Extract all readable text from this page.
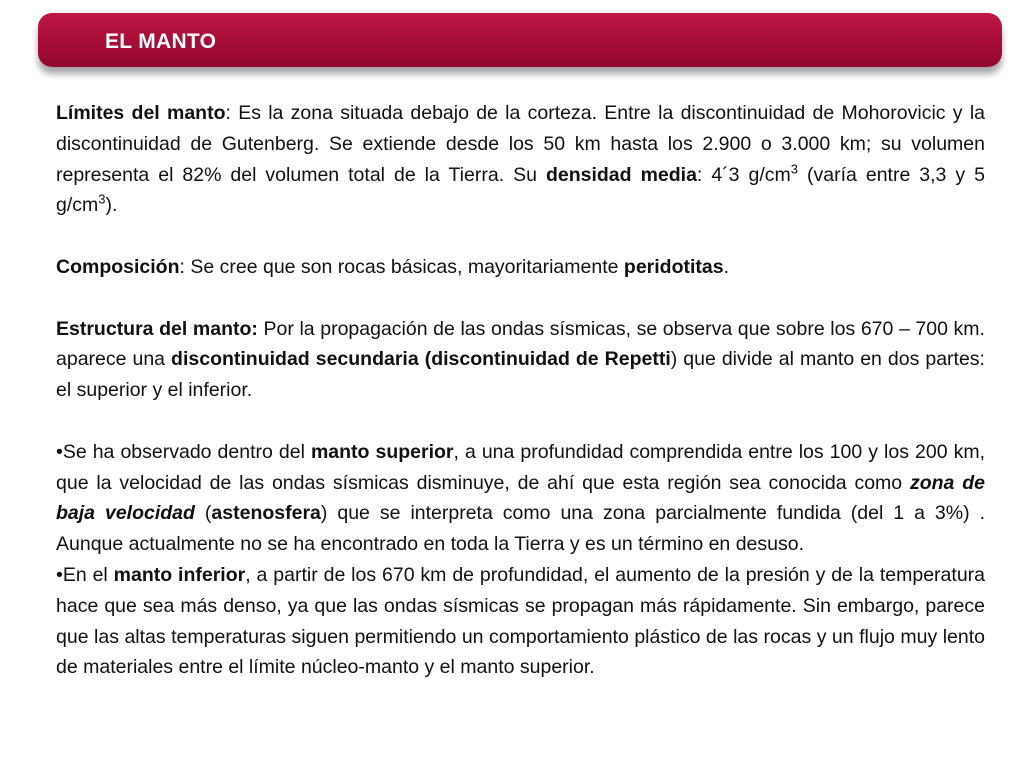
EL MANTO

Límites del manto: Es la zona situada debajo de la corteza. Entre la discontinuidad de Mohorovicic y la discontinuidad de Gutenberg. Se extiende desde los 50 km hasta los 2.900 o 3.000 km; su volumen representa el 82% del volumen total de la Tierra. Su densidad media: 4´3 $g/cm^3$ (varía entre 3,3 y 5 $g/cm^3$).

Composición: Se cree que son rocas básicas, mayoritariamente peridotitas.

Estructura del manto: Por la propagación de las ondas sísmicas, se observa que sobre los 670 – 700 km. aparece una discontinuidad secundaria (discontinuidad de Repetti) que divide al manto en dos partes: el superior y el inferior.

•Se ha observado dentro del manto superior, a una profundidad comprendida entre los 100 y los 200 km, que la velocidad de las ondas sísmicas disminuye, de ahí que esta región sea conocida como zona de baja velocidad (astenosfera) que se interpreta como una zona parcialmente fundida (del 1 a 3%) . Aunque actualmente no se ha encontrado en toda la Tierra y es un término en desuso.

•En el manto inferior, a partir de los 670 km de profundidad, el aumento de la presión y de la temperatura hace que sea más denso, ya que las ondas sísmicas se propagan más rápidamente. Sin embargo, parece que las altas temperaturas siguen permitiendo un comportamiento plástico de las rocas y un flujo muy lento de materiales entre el límite núcleo-manto y el manto superior.
